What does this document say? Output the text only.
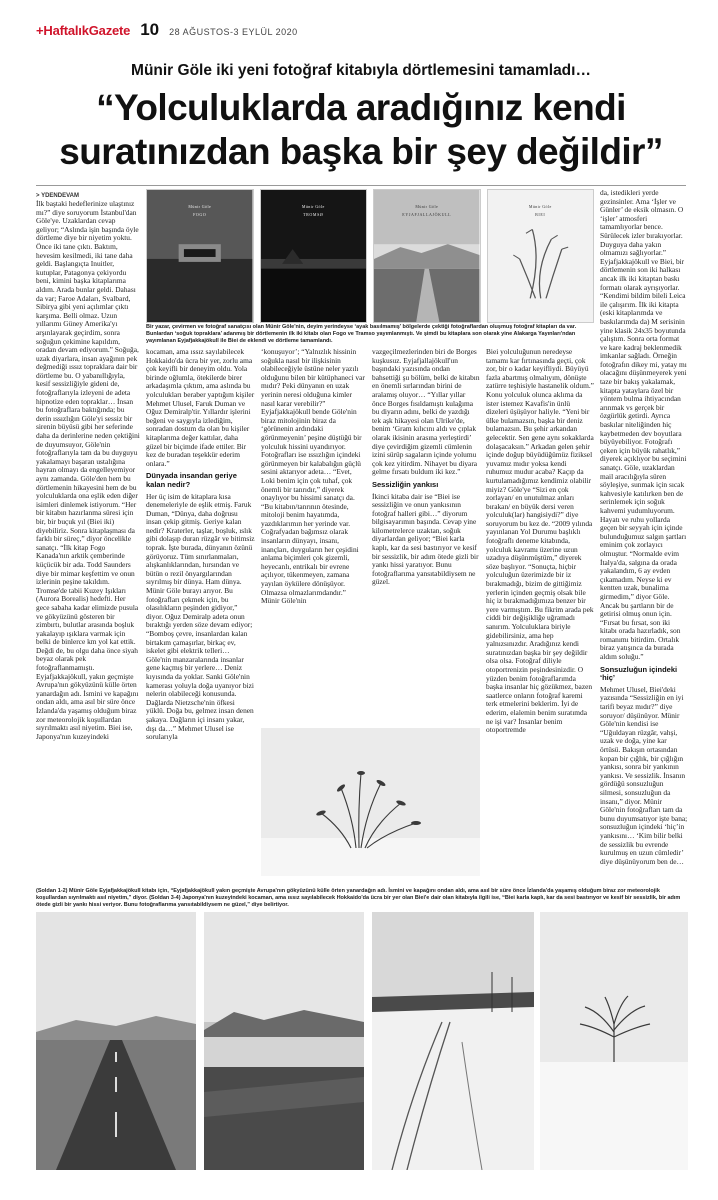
+HaftalıkGazete 10 28 AĞUSTOS-3 EYLÜL 2020
Münir Göle iki yeni fotoğraf kitabıyla dörtlemesini tamamladı…
“Yolculuklarda aradığınız kendi
suratınızdan başka bir şey değildir”
> YDENDEVAM
Münir Göle
FOGO
Münir Göle
TROMSØ
Münir Göle
EYJAFJALLAJÖKULL
Münir Göle
BIEI
Bir yazar, çevirmen ve fotoğraf sanatçısı olan Münir Göle'nin, deyim yerindeyse ‘ayak basılmamış’ bölgelerde çektiği fotoğraflardan oluşmuş fotoğraf kitapları da var. Bunlardan ‘soğuk topraklara’ adanmış bir dörtlemenin ilk iki kitabı olan Fogo ve Tramso yayımlanmıştı. Ve şimdi bu kitaplara son olarak yine Alakarga Yayınları'ndan yayımlanan Eyjafjakkajökull ile Biei de eklendi ve dörtleme tamamlandı.

İlk baştaki hedeflerinize ulaştınız mı?” diye soruyorum İstanbul'dan Göle'ye. Uzaklardan cevap geliyor; “Aslında işin başında öyle dörtleme diye bir niyetim yoktu. Önce iki tane çıktı. Baktım, hevesim kesilmedi, iki tane daha geldi. Başlangıçta Inuitler, kutuplar, Patagonya çekiyordu beni, kimini başka kitaplarıma aldım. Arada bunlar geldi. Dahası da var; Faroe Adaları, Svalbard, Sibirya gibi yeni açılımlar çıktı karşıma. Belli olmaz. Uzun yıllarımı Güney Amerika'yı arşınlayarak geçirdim, sonra soğuğun çekimine kapıldım, oradan devam ediyorum.” Soğuğa, uzak diyarlara, insan ayağının pek değmediği ıssız topraklara dair bir dörtleme bu. O yabanıllığıyla, kesif sessizliğiyle gideni de, fotoğraflarıyla izleyeni de adeta hipnotize eden topraklar… İnsan bu fotoğraflara baktığında; bu derin ıssızlığın Göle'yi sessiz bir sirenin büyüsü gibi her seferinde daha da derinlerine neden çektiğini de duyumsuyor, Göle'nin fotoğraflarıyla tam da bu duyguyu yakalamayı başaran ustalığına hayran olmayı da engelleyemiyor aynı zamanda. Göle'den hem bu dörtlemenin hikayesini hem de bu yolculuklarda ona eşlik eden diğer isimleri dinlemek istiyorum. “Her bir kitabın hazırlanma süresi için bir, bir buçuk yıl (Biei iki) diyebiliriz. Sonra kitaplaşması da farklı bir süreç,” diyor öncelikle sanatçı. “İlk kitap Fogo Kanada'nın arktik çemberinde küçücük bir ada. Todd Saunders diye bir mimar keşfettim ve onun izlerinin peşine takıldım. Tromsø'de tabii Kuzey Işıkları (Aurora Borealis) hedefti. Her gece sabaha kadar elimizde pusula ve gökyüzünü gösteren bir zimbırtı, bulutlar arasında boşluk yakalayıp ışıklara varmak için belki de binlerce km yol kat ettik. Değdi de, bu olgu daha önce siyah beyaz olarak pek fotoğraflanmamıştı. Eyjafjakkajökull, yakın geçmişte Avrupa'nın gökyüzünü külle örten yanardağın adı. İsmini ve kapağını ondan aldı, ama asıl bir süre önce İzlanda'da yaşamış olduğum biraz zor meteorolojik koşullardan sıyrılmaktı asıl niyetim. Biei ise, Japonya'nın kuzeyindeki

kocaman, ama ıssız sayılabilecek Hokkaido'da ücra bir yer, zorlu ama çok keyifli bir deneyim oldu. Yola birinde oğlumla, ötekilerde birer arkadaşımla çıktım, ama aslında bu yolculukları beraber yaptığım kişiler Mehmet Ulusel, Faruk Duman ve Oğuz Demiralp'tir. Yıllardır işlerini beğeni ve saygıyla izlediğim, sonradan dostum da olan bu kişiler kitaplarıma değer kattılar, daha güzel bir biçimde ifade ettiler. Bir kez de buradan teşekkür ederim onlara.”

Dünyada insandan geriye kalan nedir?

Her üç isim de kitaplara kısa denemeleriyle de eşlik etmiş. Faruk Duman, “Dünya, daha doğrusu insan çekip gitmiş. Geriye kalan nedir? Kraterler, taşlar, boşluk, ıslık gibi dolaşıp duran rüzgâr ve bitimsiz toprak. İşte burada, dünyanın özünü görüyoruz. Tüm sınırlanmaları, alışkanlıklarından, hırsından ve bütün o rezil önyargılarından sıyrılmış bir dünya. Ham dünya. Münir Göle burayı arıyor. Bu fotoğrafları çekmek için, bu olasılıkların peşinden gidiyor,” diyor. Oğuz Demiralp adeta onun bıraktığı yerden söze devam ediyor; “Bomboş çevre, insanlardan kalan birtakım çamaşırlar, birkaç ev, iskelet gibi elektrik telleri… Göle'nin manzaralarında insanlar gene kaçmış bir yerlere… Deniz kıyısında da yoklar. Sanki Göle'nin kamerası yoluyla doğa uyanıyor bizi nelerin olabileceği konusunda. Dağlarda Nietzsche'nin öfkesi yüklü. Doğa bu, gelmez insan denen şakaya. Dağların içi insanı yakar, dışı da…” Mehmet Ulusel ise sorularıyla

‘konuşuyor’; “Yalnızlık hissinin soğukla nasıl bir ilişkisinin olabileceğiyle üstüne neler yazılı olduğunu bilen bir kütüphaneci var mıdır? Peki dünyanın en uzak yerinin neresi olduğuna kimler nasıl karar verebilir?” Eyjafjakkajökull bende Göle'nin biraz mitolojinin biraz da ‘görünenin ardındaki görünmeyenin’ peşine düştüğü bir yolculuk hissini uyandırıyor. Fotoğrafları ise ıssızlığın içindeki görünmeyen bir kalabalığın güçlü sesini aktarıyor adeta… “Evet, Loki benim için çok tuhaf, çok önemli bir tanrıdır,” diyerek onaylıyor bu hissimi sanatçı da. “Bu kitabın/tanrının ötesinde, mitoloji benim hayatımda, yazdıklarımın her yerinde var. Coğrafyadan bağımsız olarak insanların dünyayı, insanı, inançları, duyguların her çeşidini anlama biçimleri çok gizemli, heyecanlı, entrikalı bir evrene açılıyor, tükenmeyen, zamana yayılan öykülere dönüşüyor. Olmazsa olmazlarımdandır.” Münir Göle'nin

vazgeçilmezlerinden biri de Borges kuşkusuz. Eyjafjallajökull'un başındaki yazısında ondan bahsettiği şu bölüm, belki de kitabın en önemli sırlarından birini de aralamış oluyor… “Yıllar yıllar önce Borges fısıldamıştı kulağıma bu diyarın adını, belki de yazdığı tek aşk hikayesi olan Ulrike'de, benim ‘Gram kılıcını aldı ve çıplak olarak ikisinin arasına yerleştirdi’ diye çevirdiğim gizemli cümlenin izini sürüp sagaların içinde yolumu çok kez yitirdim. Nihayet bu diyara gelme fırsatı buldum iki kez.”

Sessizliğin yankısı

İkinci kitaba dair ise “Biei ise sessizliğin ve onun yankısının fotoğraf halleri gibi…” diyorum bilgisayarımın başında. Cevap yine kilometrelerce uzaktan, soğuk diyarlardan geliyor; “Biei karla kaplı, kar da sesi bastırıyor ve kesif bir sessizlik, bir adım ötede gizli bir yankı hissi yaratıyor. Bunu fotoğraflarıma yansıtabildiysem ne güzel.

Biei yolculuğunun neredeyse tamamı kar fırtınasında geçti, çok zor, bir o kadar keyifliydi. Büyüyü fazla abartmış olmalıyım, dönüşte zatürre teşhisiyle hastanelik oldum.” Konu yolculuk olunca aklıma da ister istemez Kavafis'in ünlü dizeleri üşüşüyor haliyle. “Yeni bir ülke bulamazsın, başka bir deniz bulamazsın. Bu şehir arkandan gelecektir. Sen gene aynı sokaklarda dolaşacaksın.” Arkadan gelen şehir içinde doğup büyüdüğümüz fiziksel yuvamız mıdır yoksa kendi ruhumuz mudur acaba? Kaçıp da kurtulamadığımız kendimiz olabilir miyiz? Göle'ye “Sizi en çok zorlayan/ en unutulmaz anları bırakan/ en büyük dersi veren yolculuk(lar) hangisiydi?” diye soruyorum bu kez de. “2009 yılında yayınlanan Yol Durumu başlıklı fotoğraflı deneme kitabında, yolculuk kavramı üzerine uzun uzadıya düşünmüştüm,” diyerek söze başlıyor. “Sonuçta, hiçbir yolculuğun üzerimizde bir iz bırakmadığı, bizim de gittiğimiz yerlerin içinden geçmiş olsak bile hiç iz bırakmadığımıza benzer bir yere varmıştım. Bu fikrim arada pek ciddi bir değişikliğe uğramadı sanırım. Yolculuklara biriyle gidebilirsiniz, ama hep yalnızsınızdır. Aradığınız kendi suratınızdan başka bir şey değildir olsa olsa. Fotoğraf diliyle otoportrenizin peşindesinizdir. O yüzden benim fotoğraflarımda başka insanlar hiç gözükmez, bazen saatlerce onların fotoğraf karemi terk etmelerini beklerim. İyi de ederim, elalemin benim suratımda ne işi var? İnsanlar benim otoportremde

da, istedikleri yerde gezinsinler. Ama ‘İşler ve Günler’ de eksik olmasın. O ‘işler’ atmosferi tamamlıyorlar bence. Sürülecek izler bırakıyorlar. Duyguya daha yakın olmamızı sağlıyorlar.” Eyjafjakkajökull ve Biei, bir dörtlemenin son iki halkası ancak ilk iki kitaptan baskı formatı olarak ayrışıyorlar. “Kendimi bildim bileli Leica ile çalışırım. İlk iki kitapta (eski kitaplarımda ve baskılarımda da) M serisinin yine klasik 24x35 boyutunda çalıştım. Sonra orta format ve kare kadraj beklenmedik imkanlar sağladı. Örneğin fotoğrafın dikey mi, yatay mı olacağını düşünmeyerek yeni taze bir bakış yakalamak, kitapta yataylara özel bir yöntem bulma ihtiyacından arınmak vs gerçek bir özgürlük getirdi. Ayrıca baskılar niteliğinden hiç kaybetmeden dev boyutlara büyüyebiliyor. Fotoğrafı çeken için büyük rahatlık,” diyerek açıklıyor bu seçimini sanatçı. Göle, uzaklardan mail aracılığıyla süren söyleşiye, sunmak için sıcak kahvesiyle katılırken ben de serinlemek için soğuk kahvemi yudumluyorum. Hayatı ve ruhu yollarda geçen bir seyyah için içinde bulunduğumuz salgın şartları eminim çok zorlayıcı olmuştur. “Normalde evim İtalya'da, salgına da orada yakalandım, 6 ay evden çıkamadım. Neyse ki ev kentten uzak, bunalima girmedim,” diyor Göle. Ancak bu şartların bir de getirisi olmuş onun için. “Fırsat bu fırsat, son iki kitabı orada hazırladık, son romanımı bitirdim. Ortalık biraz yatışınca da burada aldım soluğu.”

Sonsuzluğun içindeki ‘hiç’

Mehmet Ulusel, Biei'deki yazısında “Sessizliğin en iyi tarifi beyaz mıdır?” diye soruyor/ düşünüyor. Münir Göle'nin kendisi ise “Uğuldayan rüzgâr, vahşi, uzak ve doğa, yine kar örtüsü. Bakışın ortasından kopan bir çığlık, bir çığlığın yankısı, sonra bir yankının yankısı. Ve sessizlik. İnsanın gördüğü sonsuzluğun silmesi, sonsuzluğun da insanı,” diyor. Münir Göle'nin fotoğrafları tam da bunu duyumsatıyor işte bana; sonsuzluğun içindeki ‘hiç’in yankısını… ‘Kim bilir belki de sessizlik bu evrende kurulmuş en uzun cümledir’ diye düşünüyorum ben de…

(Soldan 1-2) Münir Göle Eyjafjakkajökull kitabı için, “Eyjafjakkajökull yakın geçmişte Avrupa'nın gökyüzünü külle örten yanardağın adı. İsmini ve kapağını ondan aldı, ama asıl bir süre önce İzlanda'da yaşamış olduğum biraz zor meteorolojik koşullardan sıyrılmaktı asıl niyetim,” diyor. (Soldan 3-4) Japonya'nın kuzeyindeki kocaman, ama ıssız sayılabilecek Hokkaido'da ücra bir yer olan Biei'e dair olan kitabıyla ilgili ise, “Biei karla kaplı, kar da sesi bastırıyor ve kesif bir sessizlik, bir adım ötede gizli bir yankı hissi veriyor. Bunu fotoğraflarıma yansıtabildiysem ne güzel,” diye belirtiyor.
